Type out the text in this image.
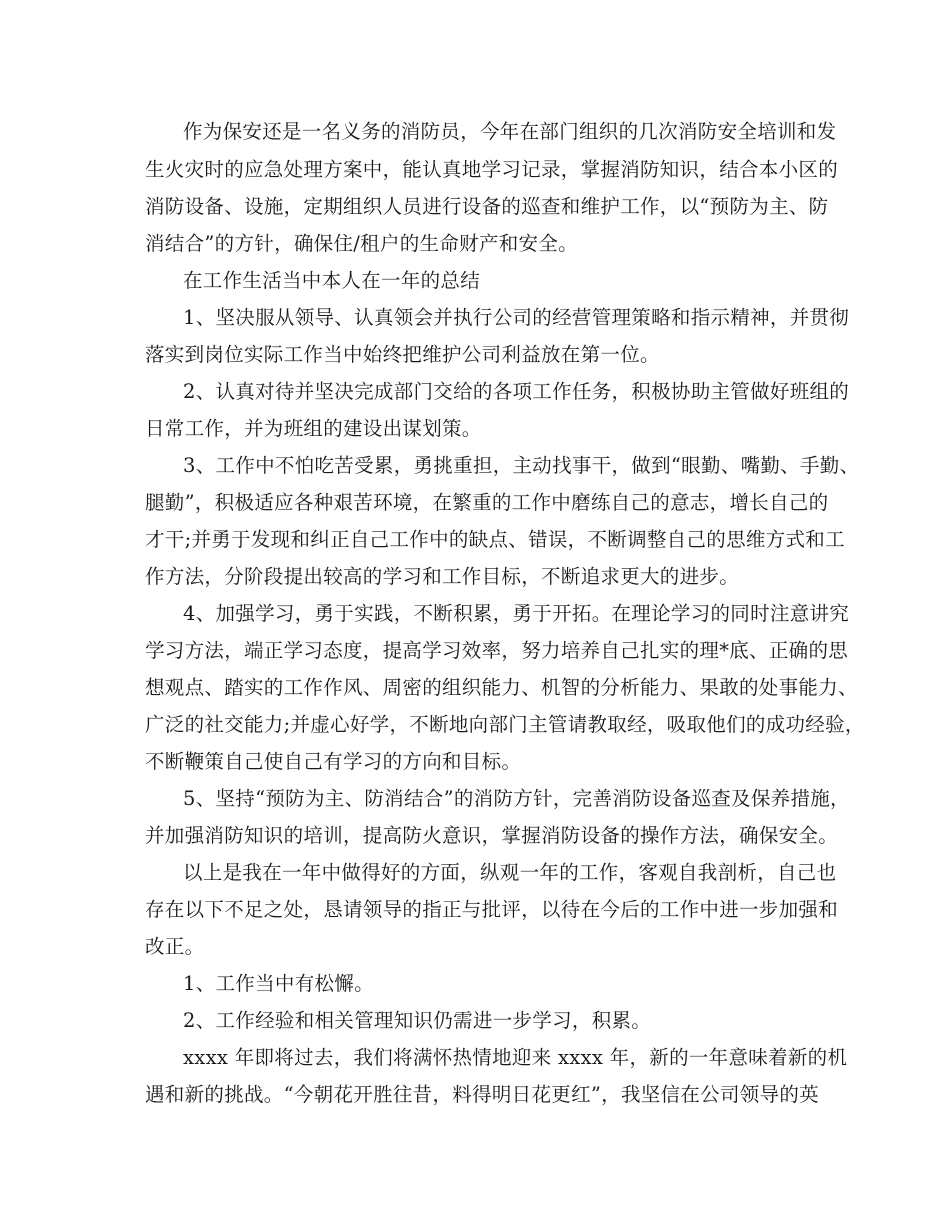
作为保安还是一名义务的消防员，今年在部门组织的几次消防安全培训和发
生火灾时的应急处理方案中，能认真地学习记录，掌握消防知识，结合本小区的
消防设备、设施，定期组织人员进行设备的巡查和维护工作，以“预防为主、防
消结合”的方针，确保住/租户的生命财产和安全。
在工作生活当中本人在一年的总结
1、坚决服从领导、认真领会并执行公司的经营管理策略和指示精神，并贯彻
落实到岗位实际工作当中始终把维护公司利益放在第一位。
2、认真对待并坚决完成部门交给的各项工作任务，积极协助主管做好班组的
日常工作，并为班组的建设出谋划策。
3、工作中不怕吃苦受累，勇挑重担，主动找事干，做到“眼勤、嘴勤、手勤、
腿勤”，积极适应各种艰苦环境，在繁重的工作中磨练自己的意志，增长自己的
才干;并勇于发现和纠正自己工作中的缺点、错误，不断调整自己的思维方式和工
作方法，分阶段提出较高的学习和工作目标，不断追求更大的进步。
4、加强学习，勇于实践，不断积累，勇于开拓。在理论学习的同时注意讲究
学习方法，端正学习态度，提高学习效率，努力培养自己扎实的理*底、正确的思
想观点、踏实的工作作风、周密的组织能力、机智的分析能力、果敢的处事能力、
广泛的社交能力;并虚心好学，不断地向部门主管请教取经，吸取他们的成功经验，
不断鞭策自己使自己有学习的方向和目标。
5、坚持“预防为主、防消结合”的消防方针，完善消防设备巡查及保养措施，
并加强消防知识的培训，提高防火意识，掌握消防设备的操作方法，确保安全。
以上是我在一年中做得好的方面，纵观一年的工作，客观自我剖析，自己也
存在以下不足之处，恳请领导的指正与批评，以待在今后的工作中进一步加强和
改正。
1、工作当中有松懈。
2、工作经验和相关管理知识仍需进一步学习，积累。
xxxx 年即将过去，我们将满怀热情地迎来 xxxx 年，新的一年意味着新的机
遇和新的挑战。“今朝花开胜往昔，料得明日花更红”，我坚信在公司领导的英
